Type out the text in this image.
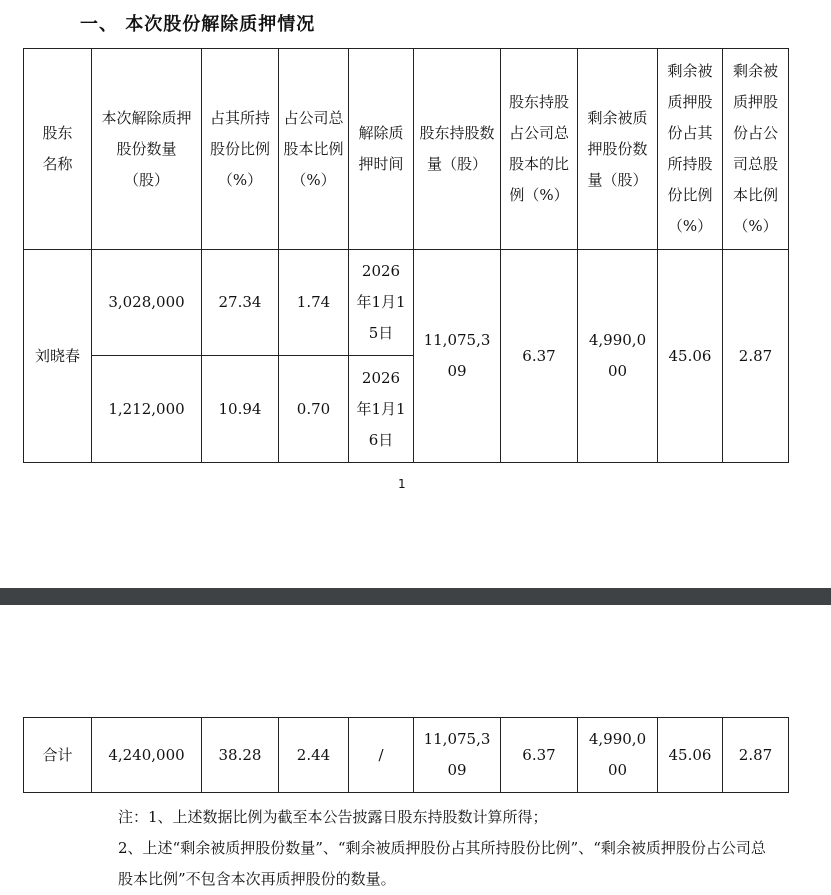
一、 本次股份解除质押情况
股东名称	本次解除质押股份数量（股）	占其所持股份比例（%）	占公司总股本比例（%）	解除质押时间	股东持股数量（股）	股东持股占公司总股本的比例（%）	剩余被质押股份数量（股）	剩余被质押股份占其所持股份比例（%）	剩余被质押股份占公司总股本比例（%）
刘晓春	3,028,000	27.34	1.74	2026年1月15日	11,075,309	6.37	4,990,000	45.06	2.87
	1,212,000	10.94	0.70	2026年1月16日					
1
合计	4,240,000	38.28	2.44	/	11,075,309	6.37	4,990,000	45.06	2.87

注：1、上述数据比例为截至本公告披露日股东持股数计算所得；

2、上述“剩余被质押股份数量”、“剩余被质押股份占其所持股份比例”、“剩余被质押股份占公司总股本比例”不包含本次再质押股份的数量。
